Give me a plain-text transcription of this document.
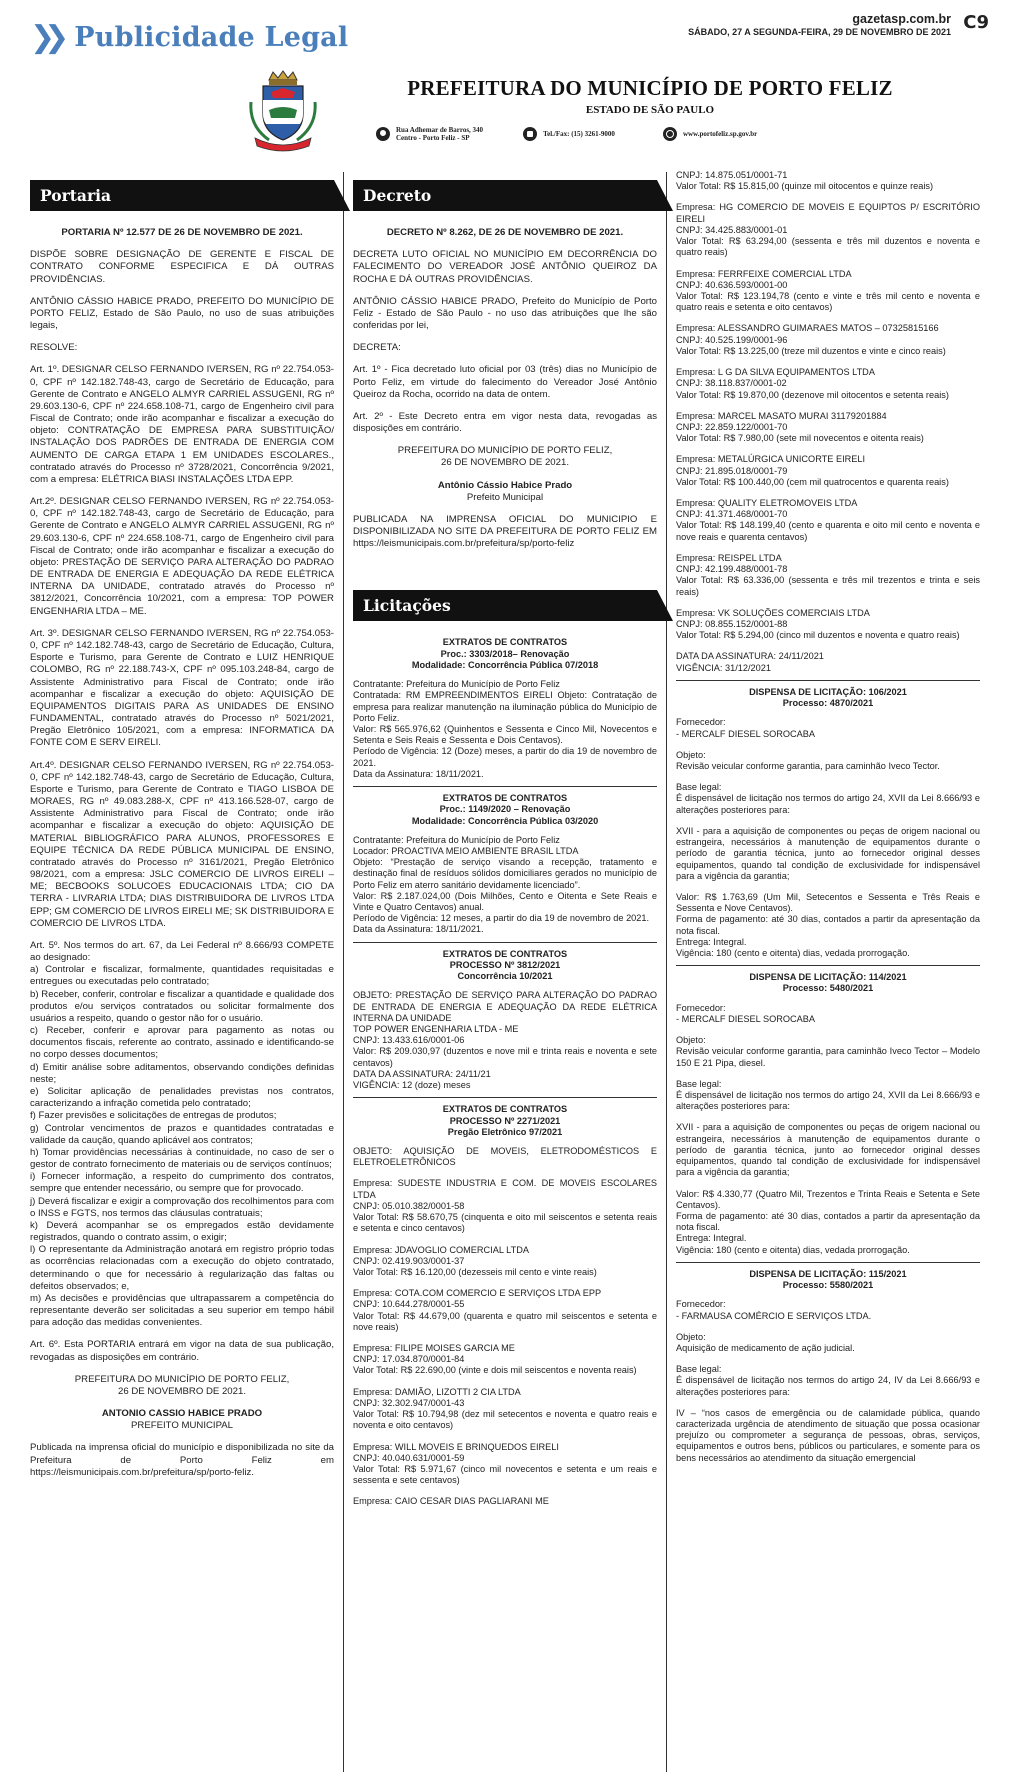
❯❯ Publicidade Legal
gazetasp.com.br
SÁBADO, 27 A SEGUNDA-FEIRA, 29 DE NOVEMBRO DE 2021 C9
PREFEITURA DO MUNICÍPIO DE PORTO FELIZ
ESTADO DE SÃO PAULO
Rua Adhemar de Barros, 340
Centro - Porto Feliz - SP	Tel./Fax: (15) 3261-9000	www.portofeliz.sp.gov.br
Portaria

PORTARIA Nº 12.577 DE 26 DE NOVEMBRO DE 2021.

DISPÕE SOBRE DESIGNAÇÃO DE GERENTE E FISCAL DE CONTRATO CONFORME ESPECIFICA E DÁ OUTRAS PROVIDÊNCIAS.

ANTÔNIO CÁSSIO HABICE PRADO, PREFEITO DO MUNICÍPIO DE PORTO FELIZ, Estado de São Paulo, no uso de suas atribuições legais,

RESOLVE:

Art. 1º. DESIGNAR CELSO FERNANDO IVERSEN, RG nº 22.754.053-0, CPF nº 142.182.748-43, cargo de Secretário de Educação, para Gerente de Contrato e ANGELO ALMYR CARRIEL ASSUGENI, RG nº 29.603.130-6, CPF nº 224.658.108-71, cargo de Engenheiro civil para Fiscal de Contrato; onde irão acompanhar e fiscalizar a execução do objeto: CONTRATAÇÃO DE EMPRESA PARA SUBSTITUIÇÃO/ INSTALAÇÃO DOS PADRÕES DE ENTRADA DE ENERGIA COM AUMENTO DE CARGA ETAPA 1 EM UNIDADES ESCOLARES., contratado através do Processo nº 3728/2021, Concorrência 9/2021, com a empresa: ELÉTRICA BIASI INSTALAÇÕES LTDA EPP.

Art.2º. DESIGNAR CELSO FERNANDO IVERSEN, RG nº 22.754.053-0, CPF nº 142.182.748-43, cargo de Secretário de Educação, para Gerente de Contrato e ANGELO ALMYR CARRIEL ASSUGENI, RG nº 29.603.130-6, CPF nº 224.658.108-71, cargo de Engenheiro civil para Fiscal de Contrato; onde irão acompanhar e fiscalizar a execução do objeto: PRESTAÇÃO DE SERVIÇO PARA ALTERAÇÃO DO PADRAO DE ENTRADA DE ENERGIA E ADEQUAÇÃO DA REDE ELÉTRICA INTERNA DA UNIDADE, contratado através do Processo nº 3812/2021, Concorrência 10/2021, com a empresa: TOP POWER ENGENHARIA LTDA – ME.

Art. 3º. DESIGNAR CELSO FERNANDO IVERSEN, RG nº 22.754.053-0, CPF nº 142.182.748-43, cargo de Secretário de Educação, Cultura, Esporte e Turismo, para Gerente de Contrato e LUIZ HENRIQUE COLOMBO, RG nº 22.188.743-X, CPF nº 095.103.248-84, cargo de Assistente Administrativo para Fiscal de Contrato; onde irão acompanhar e fiscalizar a execução do objeto: AQUISIÇÃO DE EQUIPAMENTOS DIGITAIS PARA AS UNIDADES DE ENSINO FUNDAMENTAL, contratado através do Processo nº 5021/2021, Pregão Eletrônico 105/2021, com a empresa: INFORMATICA DA FONTE COM E SERV EIRELI.

Art.4º. DESIGNAR CELSO FERNANDO IVERSEN, RG nº 22.754.053-0, CPF nº 142.182.748-43, cargo de Secretário de Educação, Cultura, Esporte e Turismo, para Gerente de Contrato e TIAGO LISBOA DE MORAES, RG nº 49.083.288-X, CPF nº 413.166.528-07, cargo de Assistente Administrativo para Fiscal de Contrato; onde irão acompanhar e fiscalizar a execução do objeto: AQUISIÇÃO DE MATERIAL BIBLIOGRÁFICO PARA ALUNOS, PROFESSORES E EQUIPE TÉCNICA DA REDE PÚBLICA MUNICIPAL DE ENSINO, contratado através do Processo nº 3161/2021, Pregão Eletrônico 98/2021, com a empresa: JSLC COMERCIO DE LIVROS EIRELI – ME; BECBOOKS SOLUCOES EDUCACIONAIS LTDA; CIO DA TERRA - LIVRARIA LTDA; DIAS DISTRIBUIDORA DE LIVROS LTDA EPP; GM COMERCIO DE LIVROS EIRELI ME; SK DISTRIBUIDORA E COMERCIO DE LIVROS LTDA.

Art. 5º. Nos termos do art. 67, da Lei Federal nº 8.666/93 COMPETE ao designado:

a) Controlar e fiscalizar, formalmente, quantidades requisitadas e entregues ou executadas pelo contratado;

b) Receber, conferir, controlar e fiscalizar a quantidade e qualidade dos produtos e/ou serviços contratados ou solicitar formalmente dos usuários a respeito, quando o gestor não for o usuário.

c) Receber, conferir e aprovar para pagamento as notas ou documentos fiscais, referente ao contrato, assinado e identificando-se no corpo desses documentos;

d) Emitir análise sobre aditamentos, observando condições definidas neste;

e) Solicitar aplicação de penalidades previstas nos contratos, caracterizando a infração cometida pelo contratado;

f) Fazer previsões e solicitações de entregas de produtos;

g) Controlar vencimentos de prazos e quantidades contratadas e validade da caução, quando aplicável aos contratos;

h) Tomar providências necessárias à continuidade, no caso de ser o gestor de contrato fornecimento de materiais ou de serviços contínuos;

i) Fornecer informação, a respeito do cumprimento dos contratos, sempre que entender necessário, ou sempre que for provocado.

j) Deverá fiscalizar e exigir a comprovação dos recolhimentos para com o INSS e FGTS, nos termos das cláusulas contratuais;

k) Deverá acompanhar se os empregados estão devidamente registrados, quando o contrato assim, o exigir;

l) O representante da Administração anotará em registro próprio todas as ocorrências relacionadas com a execução do objeto contratado, determinando o que for necessário à regularização das faltas ou defeitos observados; e,

m) As decisões e providências que ultrapassarem a competência do representante deverão ser solicitadas a seu superior em tempo hábil para adoção das medidas convenientes.

Art. 6º. Esta PORTARIA entrará em vigor na data de sua publicação, revogadas as disposições em contrário.

PREFEITURA DO MUNICÍPIO DE PORTO FELIZ,

26 DE NOVEMBRO DE 2021.

ANTONIO CASSIO HABICE PRADO

PREFEITO MUNICIPAL

Publicada na imprensa oficial do município e disponibilizada no site da Prefeitura de Porto Feliz em https://leismunicipais.com.br/prefeitura/sp/porto-feliz.

Decreto

DECRETO Nº 8.262, DE 26 DE NOVEMBRO DE 2021.

DECRETA LUTO OFICIAL NO MUNICÍPIO EM DECORRÊNCIA DO FALECIMENTO DO VEREADOR JOSÉ ANTÔNIO QUEIROZ DA ROCHA E DÁ OUTRAS PROVIDÊNCIAS.

ANTÔNIO CÁSSIO HABICE PRADO, Prefeito do Município de Porto Feliz - Estado de São Paulo - no uso das atribuições que lhe são conferidas por lei,

DECRETA:

Art. 1º - Fica decretado luto oficial por 03 (três) dias no Município de Porto Feliz, em virtude do falecimento do Vereador José Antônio Queiroz da Rocha, ocorrido na data de ontem.

Art. 2º - Este Decreto entra em vigor nesta data, revogadas as disposições em contrário.

PREFEITURA DO MUNICÍPIO DE PORTO FELIZ,

26 DE NOVEMBRO DE 2021.

Antônio Cássio Habice Prado

Prefeito Municipal

PUBLICADA NA IMPRENSA OFICIAL DO MUNICIPIO E DISPONIBILIZADA NO SITE DA PREFEITURA DE PORTO FELIZ EM https://leismunicipais.com.br/prefeitura/sp/porto-feliz

Licitações
EXTRATOS DE CONTRATOS
Proc.: 3303/2018– Renovação
Modalidade: Concorrência Pública 07/2018

Contratante: Prefeitura do Município de Porto Feliz

Contratada: RM EMPREENDIMENTOS EIRELI Objeto: Contratação de empresa para realizar manutenção na iluminação pública do Município de Porto Feliz.

Valor: R$ 565.976,62 (Quinhentos e Sessenta e Cinco Mil, Novecentos e Setenta e Seis Reais e Sessenta e Dois Centavos).

Período de Vigência: 12 (Doze) meses, a partir do dia 19 de novembro de 2021.

Data da Assinatura: 18/11/2021.

EXTRATOS DE CONTRATOS
Proc.: 1149/2020 – Renovação
Modalidade: Concorrência Pública 03/2020

Contratante: Prefeitura do Município de Porto Feliz

Locador: PROACTIVA MEIO AMBIENTE BRASIL LTDA

Objeto: “Prestação de serviço visando a recepção, tratamento e destinação final de resíduos sólidos domiciliares gerados no município de Porto Feliz em aterro sanitário devidamente licenciado”.

Valor: R$ 2.187.024,00 (Dois Milhões, Cento e Oitenta e Sete Reais e Vinte e Quatro Centavos) anual.

Período de Vigência: 12 meses, a partir do dia 19 de novembro de 2021.

Data da Assinatura: 18/11/2021.

EXTRATOS DE CONTRATOS
PROCESSO Nº 3812/2021
Concorrência 10/2021

OBJETO: PRESTAÇÃO DE SERVIÇO PARA ALTERAÇÃO DO PADRAO DE ENTRADA DE ENERGIA E ADEQUAÇÃO DA REDE ELÉTRICA INTERNA DA UNIDADE

TOP POWER ENGENHARIA LTDA - ME

CNPJ: 13.433.616/0001-06

Valor: R$ 209.030,97 (duzentos e nove mil e trinta reais e noventa e sete centavos)

DATA DA ASSINATURA: 24/11/21

VIGÊNCIA: 12 (doze) meses

EXTRATOS DE CONTRATOS
PROCESSO Nº 2271/2021
Pregão Eletrônico 97/2021

OBJETO: AQUISIÇÃO DE MOVEIS, ELETRODOMÉSTICOS E ELETROELETRÔNICOS

Empresa: SUDESTE INDUSTRIA E COM. DE MOVEIS ESCOLARES LTDA

CNPJ: 05.010.382/0001-58

Valor Total: R$ 58.670,75 (cinquenta e oito mil seiscentos e setenta reais e setenta e cinco centavos)

Empresa: JDAVOGLIO COMERCIAL LTDA

CNPJ: 02.419.903/0001-37

Valor Total: R$ 16.120,00 (dezesseis mil cento e vinte reais)

Empresa: COTA.COM COMERCIO E SERVIÇOS LTDA EPP

CNPJ: 10.644.278/0001-55

Valor Total: R$ 44.679,00 (quarenta e quatro mil seiscentos e setenta e nove reais)

Empresa: FILIPE MOISES GARCIA ME

CNPJ: 17.034.870/0001-84

Valor Total: R$ 22.690,00 (vinte e dois mil seiscentos e noventa reais)

Empresa: DAMIÃO, LIZOTTI 2 CIA LTDA

CNPJ: 32.302.947/0001-43

Valor Total: R$ 10.794,98 (dez mil setecentos e noventa e quatro reais e noventa e oito centavos)

Empresa: WILL MOVEIS E BRINQUEDOS EIRELI

CNPJ: 40.040.631/0001-59

Valor Total: R$ 5.971,67 (cinco mil novecentos e setenta e um reais e sessenta e sete centavos)

Empresa: CAIO CESAR DIAS PAGLIARANI ME

CNPJ: 14.875.051/0001-71

Valor Total: R$ 15.815,00 (quinze mil oitocentos e quinze reais)

Empresa: HG COMERCIO DE MOVEIS E EQUIPTOS P/ ESCRITÓRIO EIRELI

CNPJ: 34.425.883/0001-01

Valor Total: R$ 63.294,00 (sessenta e três mil duzentos e noventa e quatro reais)

Empresa: FERRFEIXE COMERCIAL LTDA

CNPJ: 40.636.593/0001-00

Valor Total: R$ 123.194,78 (cento e vinte e três mil cento e noventa e quatro reais e setenta e oito centavos)

Empresa: ALESSANDRO GUIMARAES MATOS – 07325815166

CNPJ: 40.525.199/0001-96

Valor Total: R$ 13.225,00 (treze mil duzentos e vinte e cinco reais)

Empresa: L G DA SILVA EQUIPAMENTOS LTDA

CNPJ: 38.118.837/0001-02

Valor Total: R$ 19.870,00 (dezenove mil oitocentos e setenta reais)

Empresa: MARCEL MASATO MURAI 31179201884

CNPJ: 22.859.122/0001-70

Valor Total: R$ 7.980,00 (sete mil novecentos e oitenta reais)

Empresa: METALÚRGICA UNICORTE EIRELI

CNPJ: 21.895.018/0001-79

Valor Total: R$ 100.440,00 (cem mil quatrocentos e quarenta reais)

Empresa: QUALITY ELETROMOVEIS LTDA

CNPJ: 41.371.468/0001-70

Valor Total: R$ 148.199,40 (cento e quarenta e oito mil cento e noventa e nove reais e quarenta centavos)

Empresa: REISPEL LTDA

CNPJ: 42.199.488/0001-78

Valor Total: R$ 63.336,00 (sessenta e três mil trezentos e trinta e seis reais)

Empresa: VK SOLUÇÕES COMERCIAIS LTDA

CNPJ: 08.855.152/0001-88

Valor Total: R$ 5.294,00 (cinco mil duzentos e noventa e quatro reais)

DATA DA ASSINATURA: 24/11/2021

VIGÊNCIA: 31/12/2021

DISPENSA DE LICITAÇÃO: 106/2021
Processo: 4870/2021

Fornecedor:

- MERCALF DIESEL SOROCABA

Objeto:

Revisão veicular conforme garantia, para caminhão Iveco Tector.

Base legal:

É dispensável de licitação nos termos do artigo 24, XVII da Lei 8.666/93 e alterações posteriores para:

XVII - para a aquisição de componentes ou peças de origem nacional ou estrangeira, necessários à manutenção de equipamentos durante o período de garantia técnica, junto ao fornecedor original desses equipamentos, quando tal condição de exclusividade for indispensável para a vigência da garantia;

Valor: R$ 1.763,69 (Um Mil, Setecentos e Sessenta e Três Reais e Sessenta e Nove Centavos).

Forma de pagamento: até 30 dias, contados a partir da apresentação da nota fiscal.

Entrega: Integral.

Vigência: 180 (cento e oitenta) dias, vedada prorrogação.

DISPENSA DE LICITAÇÃO: 114/2021
Processo: 5480/2021

Fornecedor:

- MERCALF DIESEL SOROCABA

Objeto:

Revisão veicular conforme garantia, para caminhão Iveco Tector – Modelo 150 E 21 Pipa, diesel.

Base legal:

É dispensável de licitação nos termos do artigo 24, XVII da Lei 8.666/93 e alterações posteriores para:

XVII - para a aquisição de componentes ou peças de origem nacional ou estrangeira, necessários à manutenção de equipamentos durante o período de garantia técnica, junto ao fornecedor original desses equipamentos, quando tal condição de exclusividade for indispensável para a vigência da garantia;

Valor: R$ 4.330,77 (Quatro Mil, Trezentos e Trinta Reais e Setenta e Sete Centavos).

Forma de pagamento: até 30 dias, contados a partir da apresentação da nota fiscal.

Entrega: Integral.

Vigência: 180 (cento e oitenta) dias, vedada prorrogação.

DISPENSA DE LICITAÇÃO: 115/2021
Processo: 5580/2021

Fornecedor:

- FARMAUSA COMÉRCIO E SERVIÇOS LTDA.

Objeto:

Aquisição de medicamento de ação judicial.

Base legal:

É dispensável de licitação nos termos do artigo 24, IV da Lei 8.666/93 e alterações posteriores para:

IV – “nos casos de emergência ou de calamidade pública, quando caracterizada urgência de atendimento de situação que possa ocasionar prejuízo ou comprometer a segurança de pessoas, obras, serviços, equipamentos e outros bens, públicos ou particulares, e somente para os bens necessários ao atendimento da situação emergencial
